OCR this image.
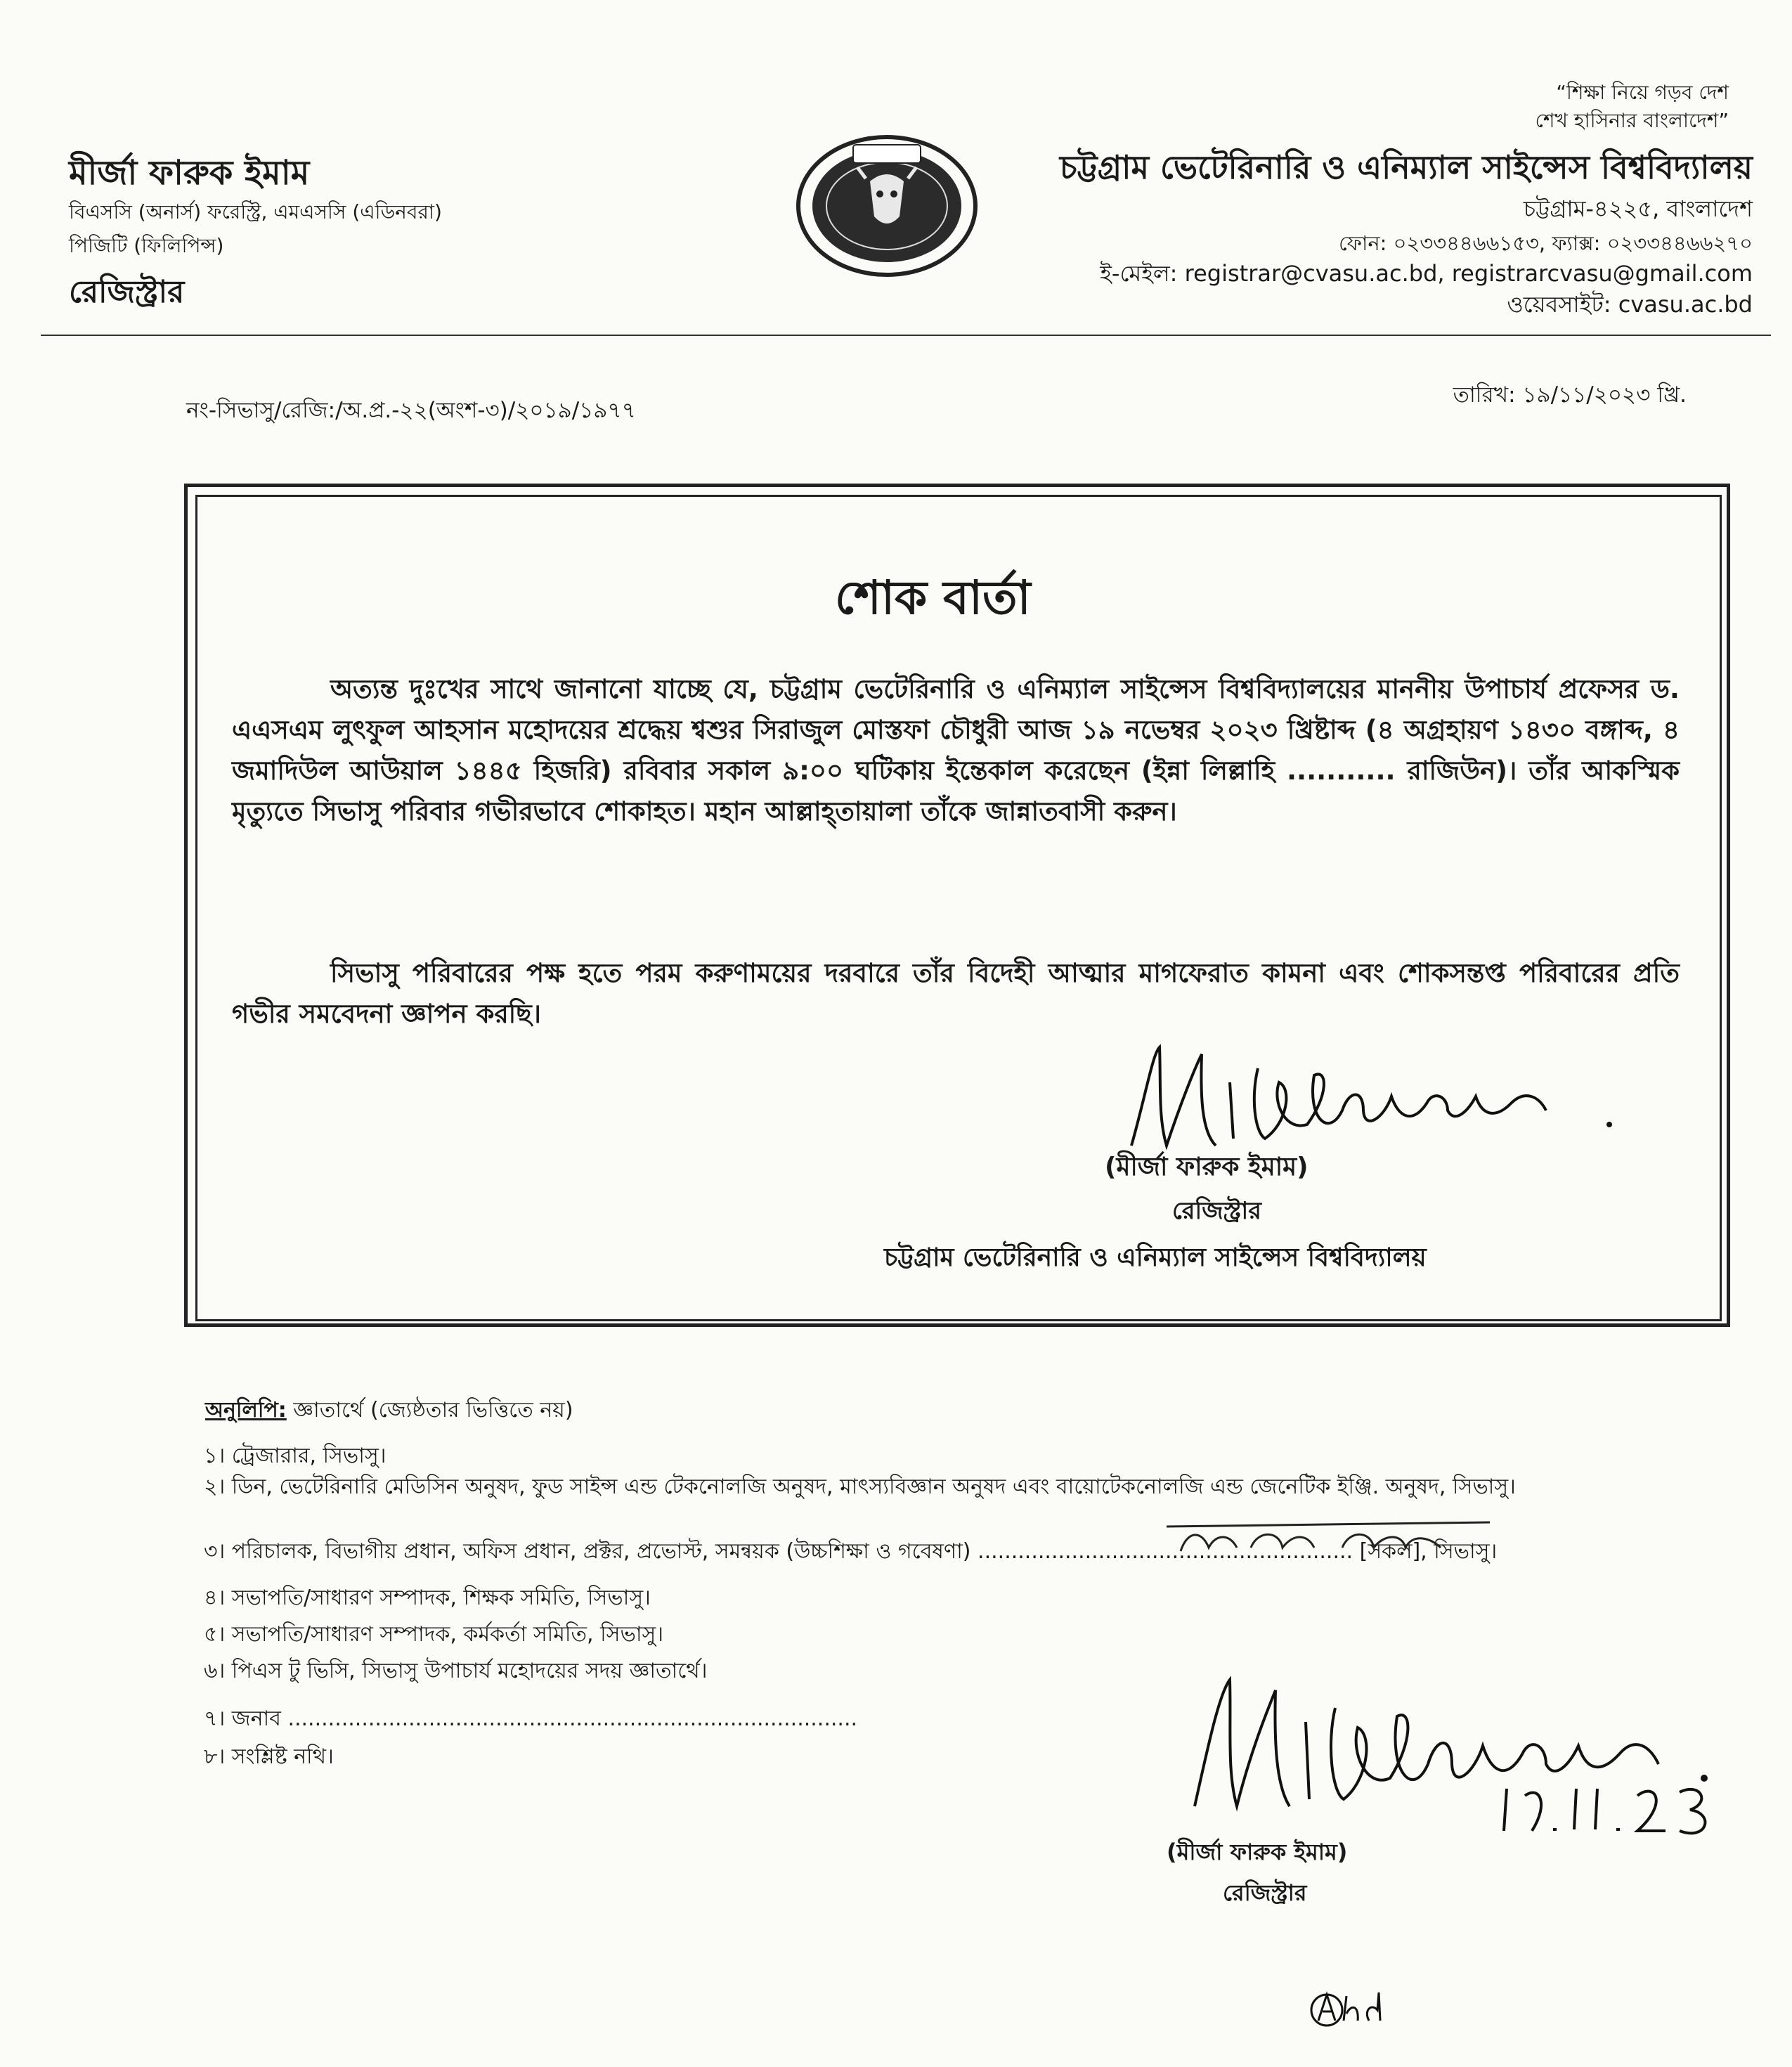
“শিক্ষা নিয়ে গড়ব দেশ
শেখ হাসিনার বাংলাদেশ”
মীর্জা ফারুক ইমাম
বিএসসি (অনার্স) ফরেস্ট্রি, এমএসসি (এডিনবরা)
পিজিটি (ফিলিপিন্স)
রেজিস্ট্রার
চট্টগ্রাম ভেটেরিনারি ও এনিম্যাল সাইন্সেস বিশ্ববিদ্যালয়
চট্টগ্রাম-৪২২৫, বাংলাদেশ
ফোন: ০২৩৩৪৪৬৬১৫৩, ফ্যাক্স: ০২৩৩৪৪৬৬২৭০
ই-মেইল: registrar@cvasu.ac.bd, registrarcvasu@gmail.com
ওয়েবসাইট: cvasu.ac.bd
নং-সিভাসু/রেজি:/অ.প্র.-২২(অংশ-৩)/২০১৯/১৯৭৭
তারিখ: ১৯/১১/২০২৩ খ্রি.
শোক বার্তা
অত্যন্ত দুঃখের সাথে জানানো যাচ্ছে যে, চট্টগ্রাম ভেটেরিনারি ও এনিম্যাল সাইন্সেস বিশ্ববিদ্যালয়ের মাননীয় উপাচার্য প্রফেসর ড. এএসএম লুৎফুল আহসান মহোদয়ের শ্রদ্ধেয় শ্বশুর সিরাজুল মোস্তফা চৌধুরী আজ ১৯ নভেম্বর ২০২৩ খ্রিষ্টাব্দ (৪ অগ্রহায়ণ ১৪৩০ বঙ্গাব্দ, ৪ জমাদিউল আউয়াল ১৪৪৫ হিজরি) রবিবার সকাল ৯:০০ ঘটিকায় ইন্তেকাল করেছেন (ইন্না লিল্লাহি ........... রাজিউন)। তাঁর আকস্মিক মৃত্যুতে সিভাসু পরিবার গভীরভাবে শোকাহত। মহান আল্লাহ্‌তায়ালা তাঁকে জান্নাতবাসী করুন।
সিভাসু পরিবারের পক্ষ হতে পরম করুণাময়ের দরবারে তাঁর বিদেহী আত্মার মাগফেরাত কামনা এবং শোকসন্তপ্ত পরিবারের প্রতি গভীর সমবেদনা জ্ঞাপন করছি।
(মীর্জা ফারুক ইমাম)
রেজিস্ট্রার
চট্টগ্রাম ভেটেরিনারি ও এনিম্যাল সাইন্সেস বিশ্ববিদ্যালয়
অনুলিপি: জ্ঞাতার্থে (জ্যেষ্ঠতার ভিত্তিতে নয়)
১। ট্রেজারার, সিভাসু।
২। ডিন, ভেটেরিনারি মেডিসিন অনুষদ, ফুড সাইন্স এন্ড টেকনোলজি অনুষদ, মাৎস্যবিজ্ঞান অনুষদ এবং বায়োটেকনোলজি এন্ড জেনেটিক ইঞ্জি. অনুষদ, সিভাসু।
৩। পরিচালক, বিভাগীয় প্রধান, অফিস প্রধান, প্রক্টর, প্রভোস্ট, সমন্বয়ক (উচ্চশিক্ষা ও গবেষণা) ........................................................ [সকল], সিভাসু।
৪। সভাপতি/সাধারণ সম্পাদক, শিক্ষক সমিতি, সিভাসু।
৫। সভাপতি/সাধারণ সম্পাদক, কর্মকর্তা সমিতি, সিভাসু।
৬। পিএস টু ভিসি, সিভাসু উপাচার্য মহোদয়ের সদয় জ্ঞাতার্থে।
৭। জনাব .....................................................................................
৮। সংশ্লিষ্ট নথি।
(মীর্জা ফারুক ইমাম)
রেজিস্ট্রার
